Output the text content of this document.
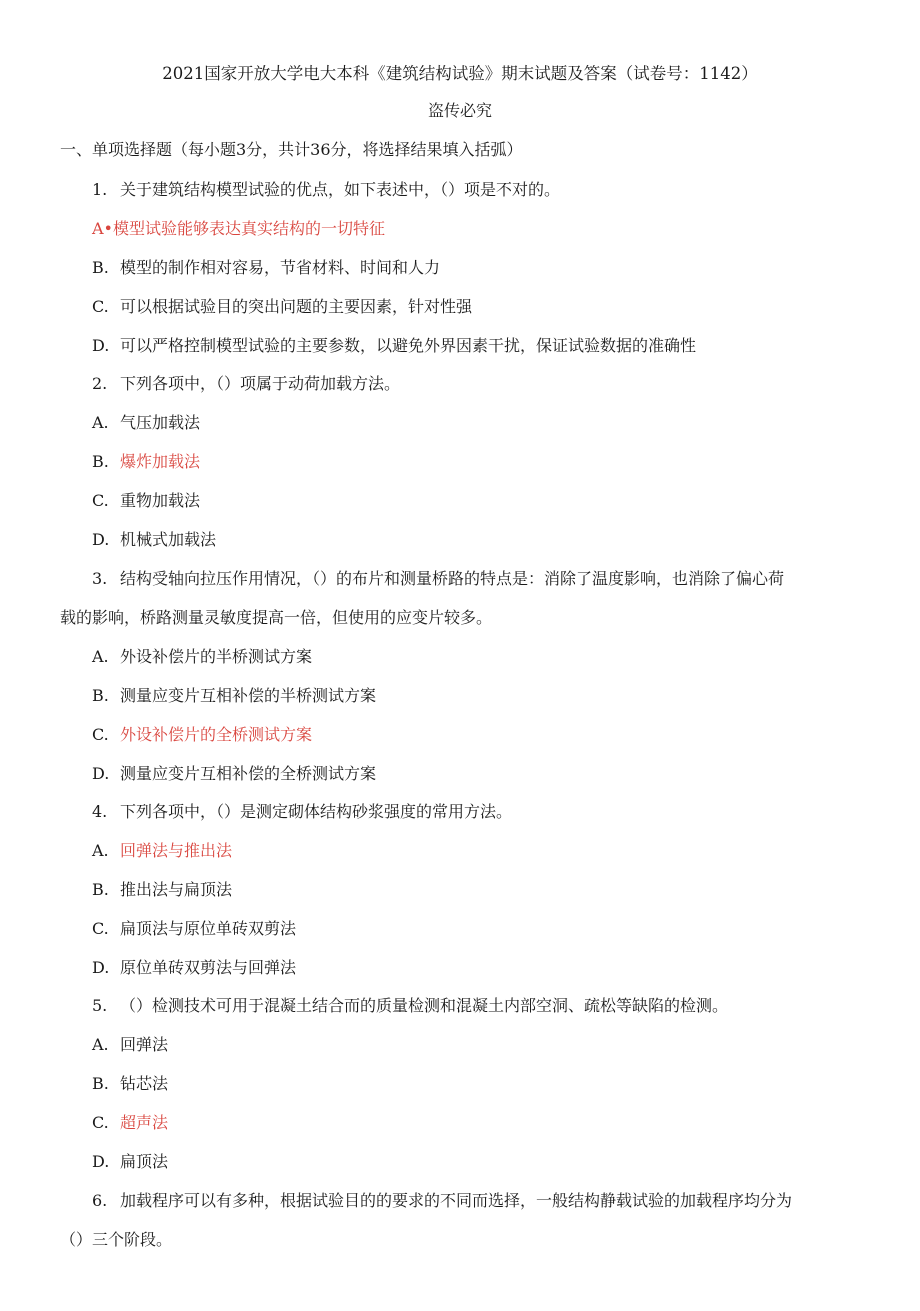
2021国家开放大学电大本科《建筑结构试验》期末试题及答案（试卷号：1142）
盗传必究
一、单项选择题（每小题3分，共计36分，将选择结果填入括弧）
1. 关于建筑结构模型试验的优点，如下表述中，（）项是不对的。
A•模型试验能够表达真实结构的一切特征
B. 模型的制作相对容易，节省材料、时间和人力
C. 可以根据试验目的突出问题的主要因素，针对性强
D. 可以严格控制模型试验的主要参数，以避免外界因素干扰，保证试验数据的准确性
2. 下列各项中，（）项属于动荷加载方法。
A. 气压加载法
B. 爆炸加载法
C. 重物加载法
D. 机械式加载法
3. 结构受轴向拉压作用情况，（）的布片和测量桥路的特点是：消除了温度影响，也消除了偏心荷
载的影响，桥路测量灵敏度提高一倍，但使用的应变片较多。
A. 外设补偿片的半桥测试方案
B. 测量应变片互相补偿的半桥测试方案
C. 外设补偿片的全桥测试方案
D. 测量应变片互相补偿的全桥测试方案
4. 下列各项中，（）是测定砌体结构砂浆强度的常用方法。
A. 回弹法与推出法
B. 推出法与扁顶法
C. 扁顶法与原位单砖双剪法
D. 原位单砖双剪法与回弹法
5. （）检测技术可用于混凝土结合而的质量检测和混凝土内部空洞、疏松等缺陷的检测。
A. 回弹法
B. 钻芯法
C. 超声法
D. 扁顶法
6. 加载程序可以有多种，根据试验目的的要求的不同而选择，一般结构静载试验的加载程序均分为
（）三个阶段。
